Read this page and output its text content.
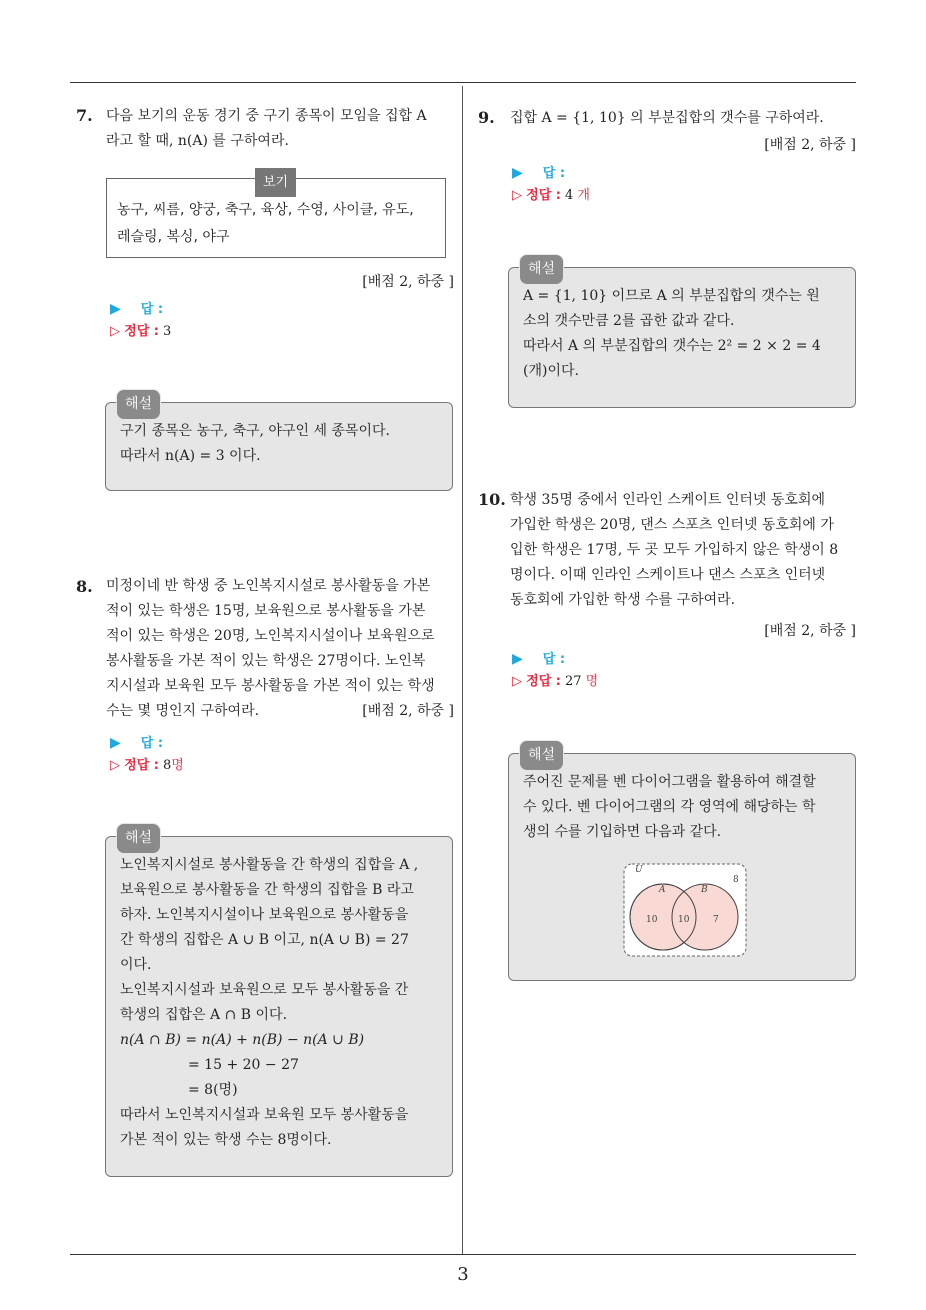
3
7. 다음 보기의 운동 경기 중 구기 종목이 모임을 집합 A
라고 할 때, n(A) 를 구하여라.
보기
농구, 씨름, 양궁, 축구, 육상, 수영, 사이클, 유도,
레슬링, 복싱, 야구
[배점 2, 하중 ]
▶ 답 :
▷ 정답 : 3
해설
구기 종목은 농구, 축구, 야구인 세 종목이다.
따라서 n(A) = 3 이다.
8. 미정이네 반 학생 중 노인복지시설로 봉사활동을 가본
적이 있는 학생은 15명, 보육원으로 봉사활동을 가본
적이 있는 학생은 20명, 노인복지시설이나 보육원으로
봉사활동을 가본 적이 있는 학생은 27명이다. 노인복
지시설과 보육원 모두 봉사활동을 가본 적이 있는 학생
수는 몇 명인지 구하여라.	[배점 2, 하중 ]
▶ 답 :
▷ 정답 : 8명
해설
노인복지시설로 봉사활동을 간 학생의 집합을 A ,
보육원으로 봉사활동을 간 학생의 집합을 B 라고
하자. 노인복지시설이나 보육원으로 봉사활동을
간 학생의 집합은 A ∪ B 이고, n(A ∪ B) = 27
이다.
노인복지시설과 보육원으로 모두 봉사활동을 간
학생의 집합은 A ∩ B 이다.
n(A ∩ B) = n(A) + n(B) − n(A ∪ B)
= 15 + 20 − 27
= 8(명)
따라서 노인복지시설과 보육원 모두 봉사활동을
가본 적이 있는 학생 수는 8명이다.
9. 집합 A = {1, 10} 의 부분집합의 갯수를 구하여라.
[배점 2, 하중 ]
▶ 답 :
▷ 정답 : 4 개
해설
A = {1, 10} 이므로 A 의 부분집합의 갯수는 원
소의 갯수만큼 2를 곱한 값과 같다.
따라서 A 의 부분집합의 갯수는 2² = 2 × 2 = 4
(개)이다.
10. 학생 35명 중에서 인라인 스케이트 인터넷 동호회에
가입한 학생은 20명, 댄스 스포츠 인터넷 동호회에 가
입한 학생은 17명, 두 곳 모두 가입하지 않은 학생이 8
명이다. 이때 인라인 스케이트나 댄스 스포츠 인터넷
동호회에 가입한 학생 수를 구하여라.
[배점 2, 하중 ]
▶ 답 :
▷ 정답 : 27 명
해설
주어진 문제를 벤 다이어그램을 활용하여 해결할
수 있다. 벤 다이어그램의 각 영역에 해당하는 학
생의 수를 기입하면 다음과 같다.
U
8
A	B
10 10	7
